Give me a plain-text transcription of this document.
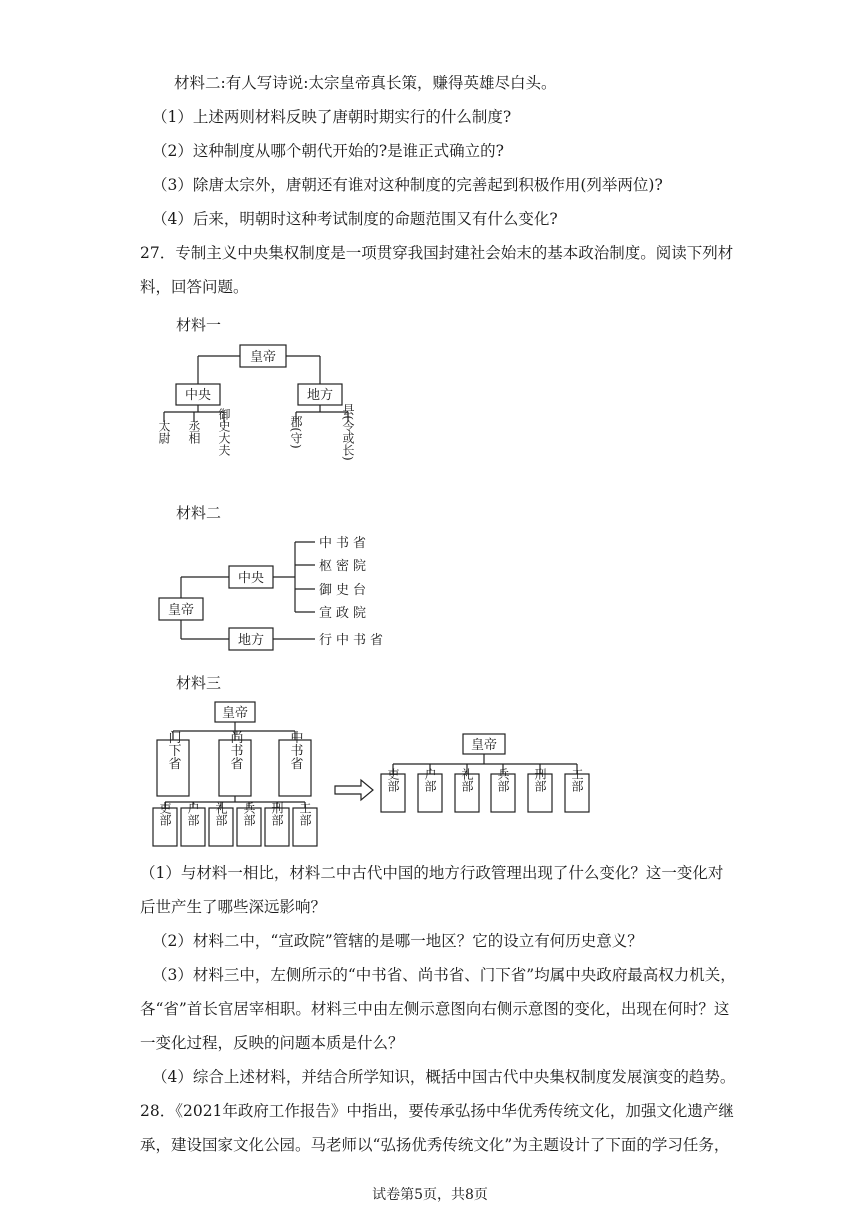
材料二:有人写诗说:太宗皇帝真长策，赚得英雄尽白头。
（1）上述两则材料反映了唐朝时期实行的什么制度?
（2）这种制度从哪个朝代开始的?是谁正式确立的?
（3）除唐太宗外，唐朝还有谁对这种制度的完善起到积极作用(列举两位)?
（4）后来，明朝时这种考试制度的命题范围又有什么变化?
27．专制主义中央集权制度是一项贯穿我国封建社会始末的基本政治制度。阅读下列材
料，回答问题。
材料一
皇帝
中央	地方
太尉 丞相 御史大夫	郡(守)	县(令或长)
材料二
皇帝
中央
地方
中书省
枢密院
御史台
宣政院
行中书省
材料三
皇帝
门下省	尚书省	中书省
吏部 户部 礼部 兵部 刑部 工部
皇帝
吏部 户部 礼部 兵部 刑部 工部
（1）与材料一相比，材料二中古代中国的地方行政管理出现了什么变化？这一变化对
后世产生了哪些深远影响？
（2）材料二中，“宣政院”管辖的是哪一地区？它的设立有何历史意义？
（3）材料三中，左侧所示的“中书省、尚书省、门下省”均属中央政府最高权力机关，
各“省”首长官居宰相职。材料三中由左侧示意图向右侧示意图的变化，出现在何时？这
一变化过程，反映的问题本质是什么？
（4）综合上述材料，并结合所学知识，概括中国古代中央集权制度发展演变的趋势。
28．《2021年政府工作报告》中指出，要传承弘扬中华优秀传统文化，加强文化遗产继
承，建设国家文化公园。马老师以“弘扬优秀传统文化”为主题设计了下面的学习任务，
试卷第5页，共8页
